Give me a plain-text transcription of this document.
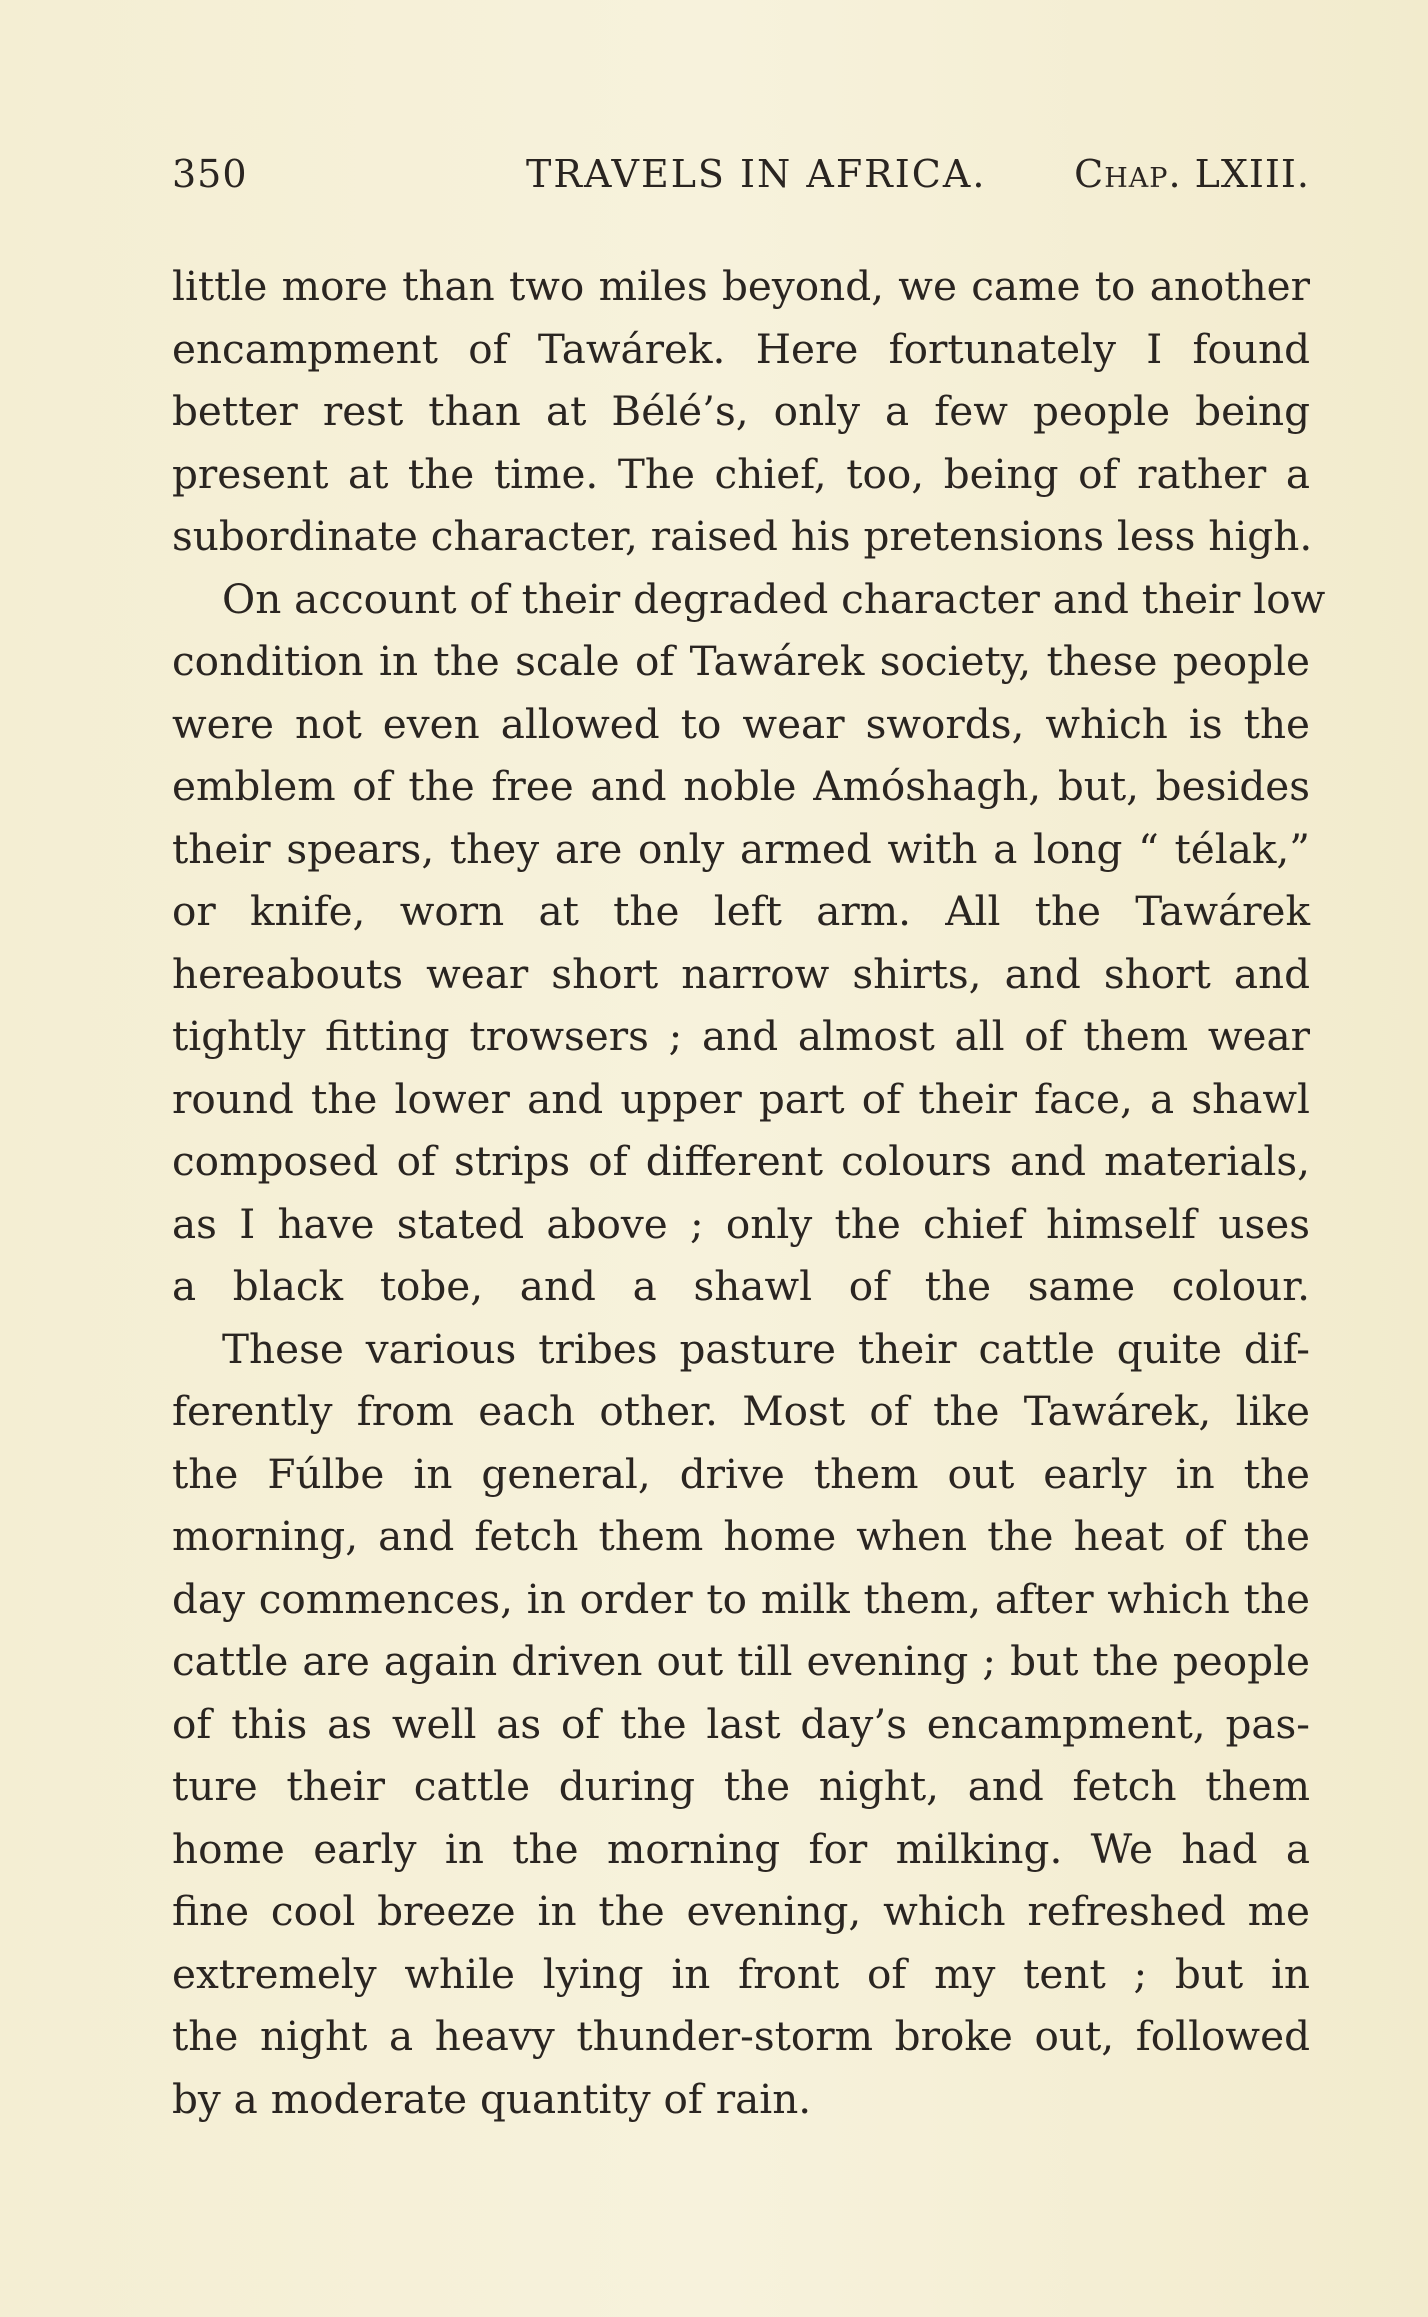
350	TRAVELS IN AFRICA. Chap. LXIII.
little more than two miles beyond, we came to another
encampment of Tawárek. Here fortunately I found
better rest than at Bélé’s, only a few people being
present at the time. The chief, too, being of rather a
subordinate character, raised his pretensions less high.
On account of their degraded character and their low
condition in the scale of Tawárek society, these people
were not even allowed to wear swords, which is the
emblem of the free and noble Amóshagh, but, besides
their spears, they are only armed with a long “ télak,”
or knife, worn at the left arm. All the Tawárek
hereabouts wear short narrow shirts, and short and
tightly fitting trowsers ; and almost all of them wear
round the lower and upper part of their face, a shawl
composed of strips of different colours and materials,
as I have stated above ; only the chief himself uses
a black tobe, and a shawl of the same colour.
These various tribes pasture their cattle quite dif-
ferently from each other. Most of the Tawárek, like
the Fúlbe in general, drive them out early in the
morning, and fetch them home when the heat of the
day commences, in order to milk them, after which the
cattle are again driven out till evening ; but the people
of this as well as of the last day’s encampment, pas-
ture their cattle during the night, and fetch them
home early in the morning for milking. We had a
fine cool breeze in the evening, which refreshed me
extremely while lying in front of my tent ; but in
the night a heavy thunder-storm broke out, followed
by a moderate quantity of rain.
